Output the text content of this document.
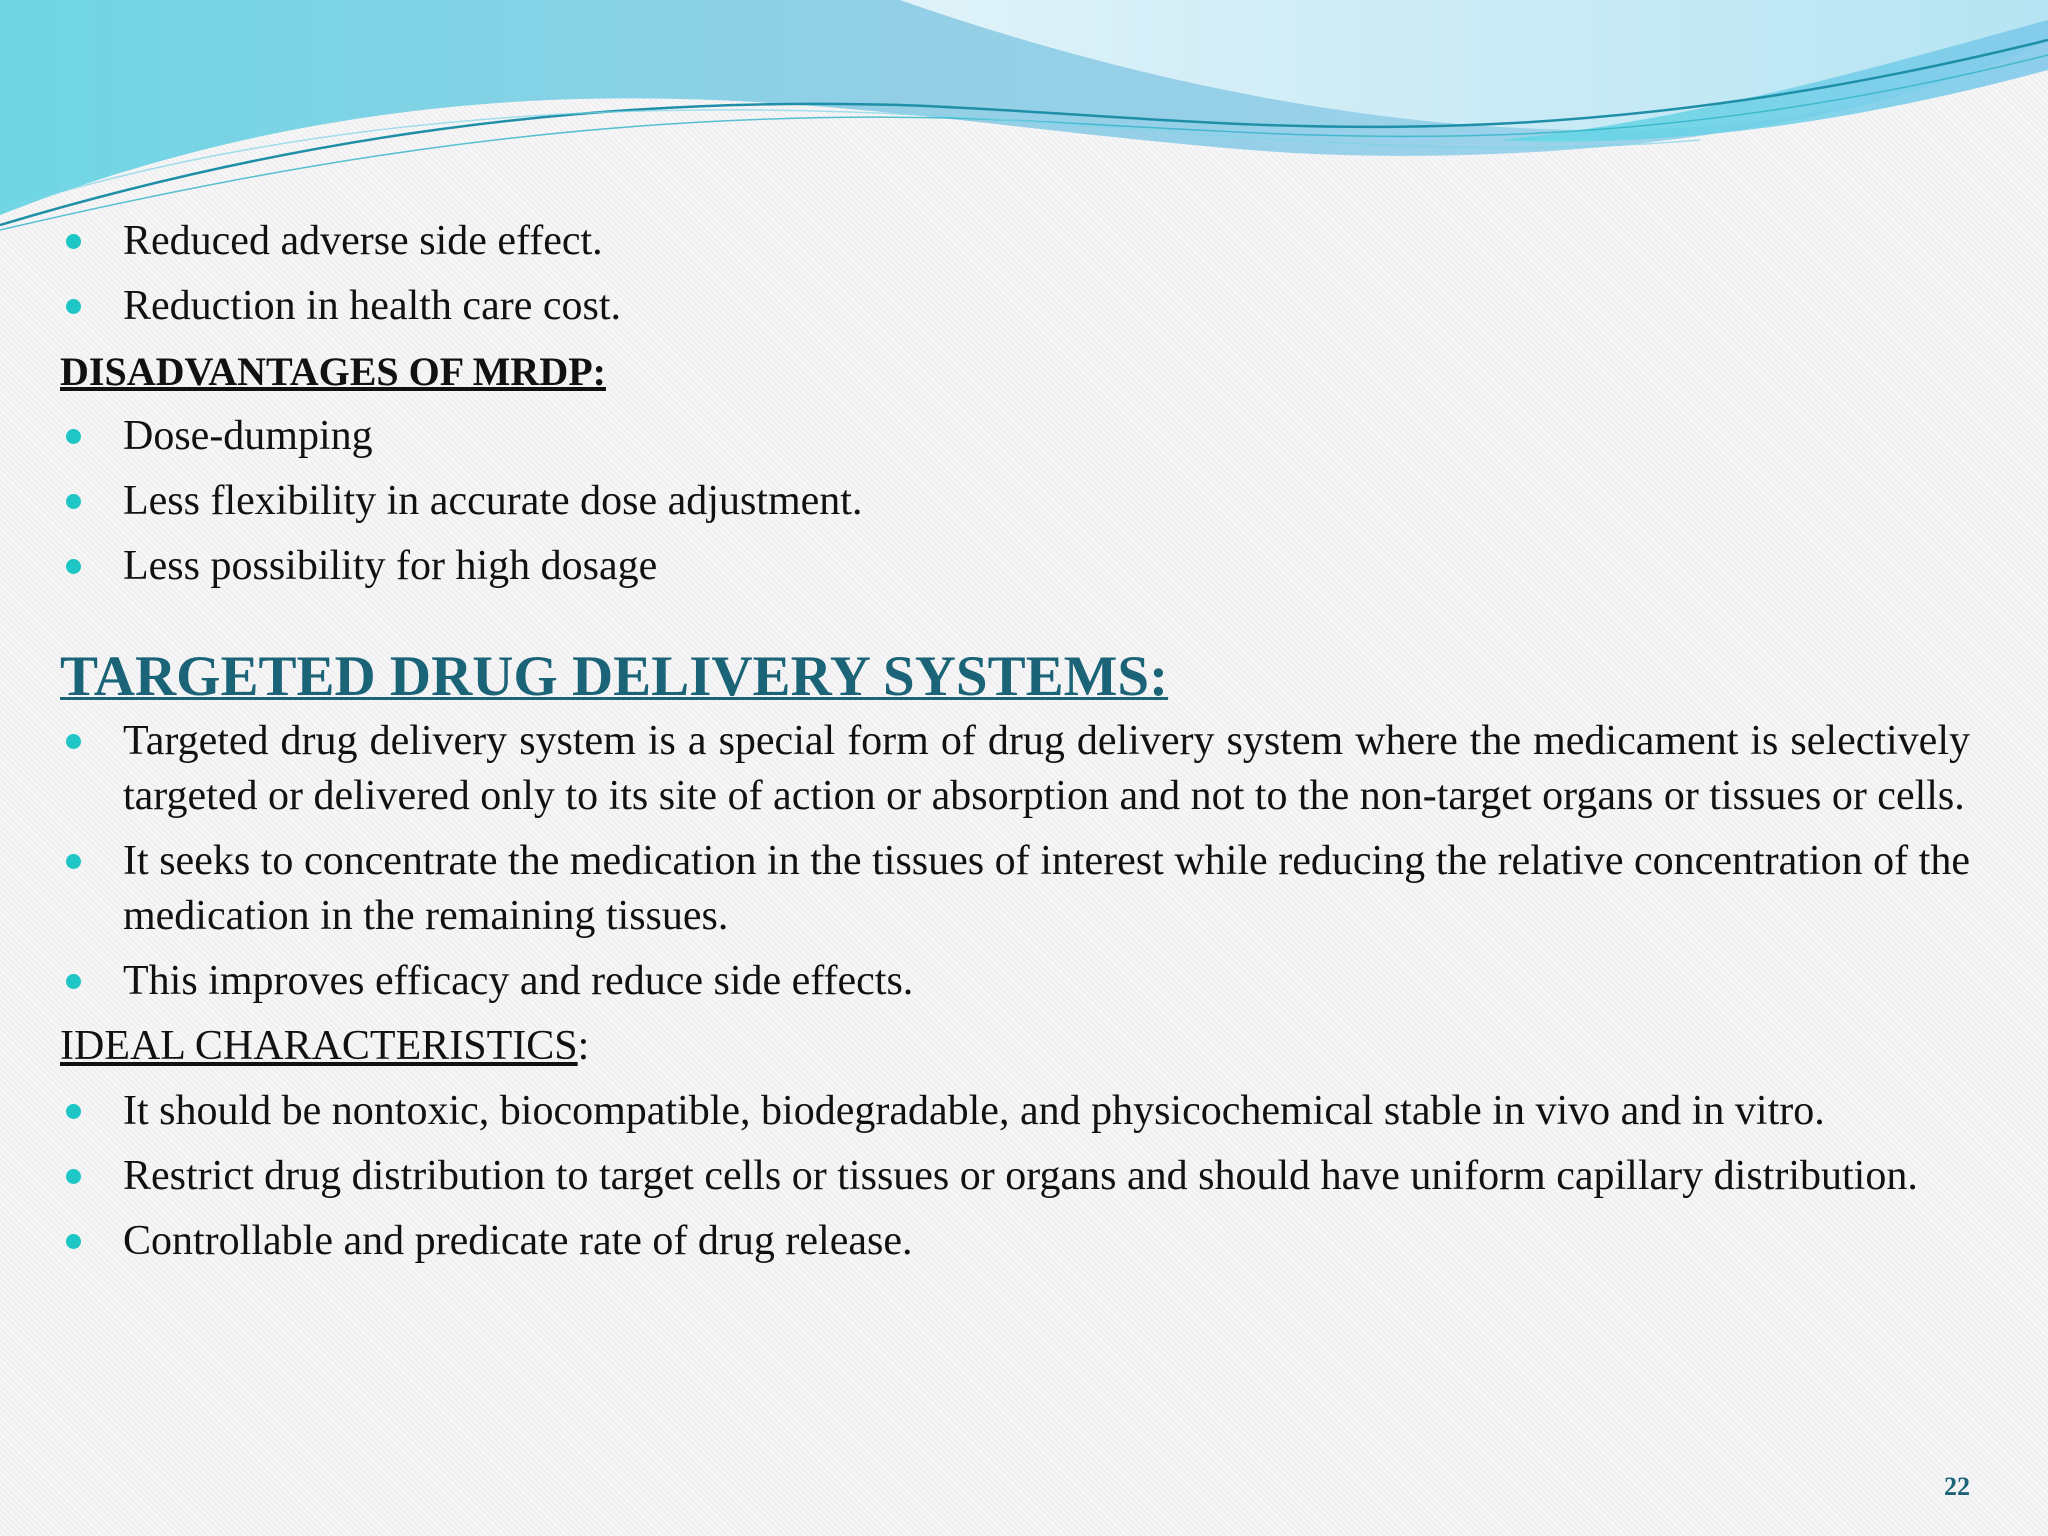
Reduced adverse side effect.
Reduction in health care cost.
DISADVANTAGES OF MRDP:
Dose-dumping
Less flexibility in accurate dose adjustment.
Less possibility for high dosage
TARGETED DRUG DELIVERY SYSTEMS:
Targeted drug delivery system is a special form of drug delivery system where the medicament is selectively targeted or delivered only to its site of action or absorption and not to the non-target organs or tissues or cells.
It seeks to concentrate the medication in the tissues of interest while reducing the relative concentration of the medication in the remaining tissues.
This improves efficacy and reduce side effects.
IDEAL CHARACTERISTICS:
It should be nontoxic, biocompatible, biodegradable, and physicochemical stable in vivo and in vitro.
Restrict drug distribution to target cells or tissues or organs and should have uniform capillary distribution.
Controllable and predicate rate of drug release.
22
